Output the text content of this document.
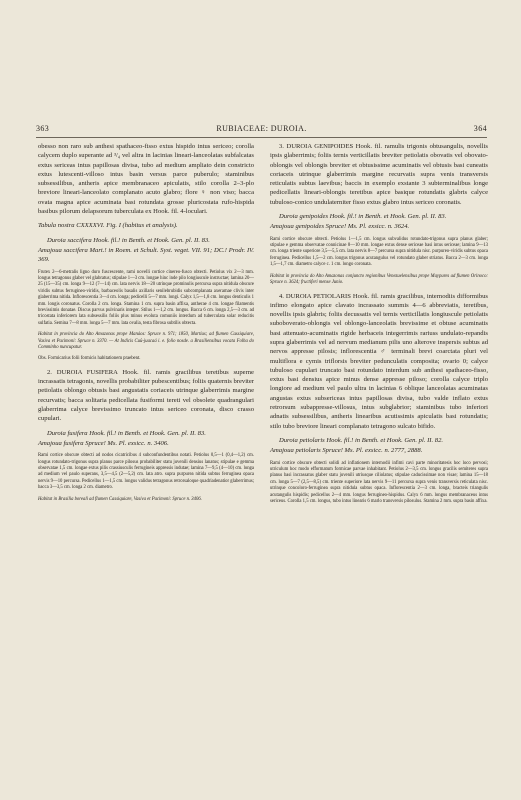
363	RUBIACEAE: DUROIA.	364

obesso non raro sub anthesi spathaceo-fisso extus hispido intus sericeo; corolla calycem duplo superante ad ³/₄ vel altra in lacinias lineari-lanceolatas subfalcatas extus sericeas intus papillosas divisa, tubo ad medium ampliato dein constricto extus lutescenti-villoso intus basin versus parce puberulo; staminibus subsessilibus, antheris apice membranaceo apiculatis, stilo corolla 2–3-plo breviore lineari-lanceolato complanato acuto glabro; flore ♀ non viso; bacca ovata magna apice acuminata basi rotundata grosse pluricostata rufo-hispida basibus pilorum delapsorum tuberculata ex Hook. fil. 4-loculari.

Tabula nostra CXXXXVI. Fig. I (habitus et analysis).

Duroia saccifera Hook. fil.! in Benth. et Hook. Gen. pl. II. 83.

Amajoua saccifera Mart.! in Roem. et Schult. Syst. veget. VII. 91; DC.! Prodr. IV. 369.

Frutex 2—6-metralis ligno duro fuscescente, rami novelli cortice cinereo-fusco obtecti. Petiolus vix 2—3 mm. longus tetragonus glaber vel glabratus; stipulae 1—3 cm. longae hinc inde pilo longiuscule instructae; lamina 20—25 (15—35) cm. longa 9—12 (7—14) cm. lata nervis 18—20 utrinque prominulis percursa supra nitidula obscure viridis subtus ferrugineo-viridis, barbaceolis basalis axillaris senilebrubidis subcomplanata axeramae clivis inter glaberrima nitida. Inflorescentia 3—4 cm. longa; pedicelli 5—7 mm. longi. Calyx 1,5—1,8 cm. longus denticulis 1 mm. longis coronatus. Corolla 2 cm. longa. Stamina 1 cm. supra basin affixa, antherae 4 cm. longae filamentis brevissimis donatae. Discus parvus pulvinaris integer. Stilus 1—1,2 cm. longus. Bacca 6 cm. longa 2,5—3 cm. ad tricostata inferiorem lata subsessilis foliis plus minus evoluta comuniis interdum ad tuberculata solar reducitis sulfatia. Semina 7—8 mm. longa 5—7 mm. lata ovalia, testa fibrosa subtilis obtecta.

Habitat in provincia do Alto Amazonas prope Manáos: Spruce n. 971; 1850, Martius; ad flumen Cassiquiare, Vasiva et Pacimoni: Spruce n. 3370. — At Indicis Cuû-juacaá i. e. folio nosde. a Brasiliensibus vocata Folha do Comminho nuncupatur.

Obs. Formicarius folii formicis habitationem praebent.

2. DUROIA FUSIFERA Hook. fil. ramis gracilibus teretibus superne incrassatis tetragonis, novellis probabiliter pubescentibus; foliis quaternis breviter petiolatis oblongo obtusis basi angustatis coriaceis utrinque glaberrimis margine recurvatis; bacca solitaria pedicellata fusiformi tereti vel obsolete quadrangulari glaberrima calyce brevissimo truncato intus sericeo coronata, disco crasso cupulari.

Duroia fusifera Hook. fil.! in Benth. et Hook. Gen. pl. II. 83.

Amajoua fusifera Spruce! Ms. Pl. exsicc. n. 3406.

Rami cortice obscure obtecti ad nodos cicatricibus 4 subconfundentibus notati. Petiolus 0,5—1 (0,4—1,2) cm. longus rotundato-trigonus supra planus parce pilosus probabiliter statu juvenili densius lanatus; stipulae e gemma observatae 1,5 cm. longae extus pilis crassiusculis ferrugineis appressis indutae; lamina 7—9,5 (4—10) cm. longa ad medium vel paulo superans, 3,5—4,5 (2—5,2) cm. lata atro. supra purpurea nitida subtus ferruginea opaca nervis 9—10 percursa. Pedicellus 1—1,5 cm. longus validus tetragonus retrorsaloque quadriadenatior glaberrimus; bacca 3—3,5 cm. longa 2 cm. diametro.

Habitat in Brasilia boreali ad flumen Cassiquiare, Vasiva et Pacimoni: Spruce n. 3406.

3. DUROIA GENIPOIDES Hook. fil. ramulis trigonis obtusangulis, novellis ipsis glaberrimis; foliis ternis verticillatis breviter petiolatis obovatis vel obovato-oblongis vel oblongis breviter et obtusissime acuminatis vel obtusis basi cuneatis coriaceis utrinque glaberrimis margine recurvatis supra venis transversis reticulatis subtus laevibus; baccis in exemplo exstante 3 subterminalibus longe pedicellatis lineari-oblongis teretibus apice basique rotundatis glabris calyce tubuloso-conico undulaterniter fisso extus glabro intus sericeo coronatis.

Duroia genipoides Hook. fil.! in Benth. et Hook. Gen. pl. II. 83.

Amajoua genipoides Spruce! Ms. Pl. exsicc. n. 3624.

Rami cortice obscure obtecti. Petiolus 1—1,5 cm. longus subvalidus rotundato-trigonus supra planus glaber; stipulae e gemma observatae connicinae 8—10 mm. longae extus dense sericeae basi intus sericeae; lamina 9—13 cm. longa triente superiore 3,5—5,5 cm. lata nervis 8—7 percursa supra nitidula nisc. purpureo-viridis subtus opaca ferruginea. Pedicellus 1,5—2 cm. longus trigonus acutangulus vel rotundato glaber striatus. Bacca 2—3 cm. longa 1,5—1,7 cm. diametro calyce c. 1 cm. longo coronata.

Habitat in provincia do Alto Amazonas conjuncto regionibus Venezuelensibus prope Maypures ad flumen Orinoco: Spruce n. 3624; fructiferi mense Junio.

4. DUROIA PETIOLARIS Hook. fil. ramis gracilibus, internodiis difformibus infimo elongato apice clavato incrassato summis 4—6 abbreviatis, teretibus, novellis ipsis glabris; foliis decussatis vel ternis verticillatis longiuscule petiolatis suboboverato-oblongis vel oblongo-lanceolatis brevissime et obtuse acuminatis basi attenuato-acuminatis rigide herbaceis integerrimis rariuss undulato-repandis supra glaberrimis vel ad nervum medianum pilis uno alterove inspersis subtus ad nervos appresse pilosis; inflorescentia ♂ terminali brevi coarctata pluri vel multiflora e cymis triflorsis breviter pedunculatis composita; ovario 0; calyce tubuloso cupulari truncato basi rotundato interdum sub anthesi spathaceo-fisso, extus basi densius apice minus dense appresse piloso; corolla calyce triplo longiore ad medium vel paulo ultra in lacinias 6 oblique lanceolatas acuminatas angustas extus subsericeas intus papillosas divisa, tubo valde inflato extus retrorsum subappresse-villosus, intus subglabrior; staminibus tubo inferiori adnatis subsessilibus, antheris linearibus acutissimis apiculatis basi rotundatis; stilo tubo breviore lineari complanato tetragono sulcato bifido.

Duroia petiolaris Hook. fil.! in Benth. et Hook. Gen. pl. II. 82.

Amajoua petiolaris Spruce! Ms. Pl. exsicc. n. 2777, 2888.

Rami cortice obscure obtecti solidi ad inflationem internodii infimi cavi parte minoritatesis hoc loco pervosi; utriculum hoc modo efformatum formicae parvae inhabitant. Petiolus 2—3,5 cm. longus gracilis semiteres supra planus basi incrassatus glaber statu juvenili utriusque ciliolatus; stipulae caducissimae non visae; lamina 15—18 cm. longa 5—7 (2,5—8,5) cm. triente superiore lata nervis 9—11 percursa supra venis transversis reticulata nisc. utrinque concoloro-ferruginea supra nitidula subtus opaca. Inflorescentia 2—3 cm. longa, bracteis triangulis acutangulis hispidis; pedicellus 2—4 mm. longus ferrugineo-hispidus. Calyx 6 mm. longus membranaceus intus sericeus. Corolla 1,5 cm. longus, tubo intus linearis 6 marlo transversis pilosulus. Stamina 2 mm. supra basin affixa.
